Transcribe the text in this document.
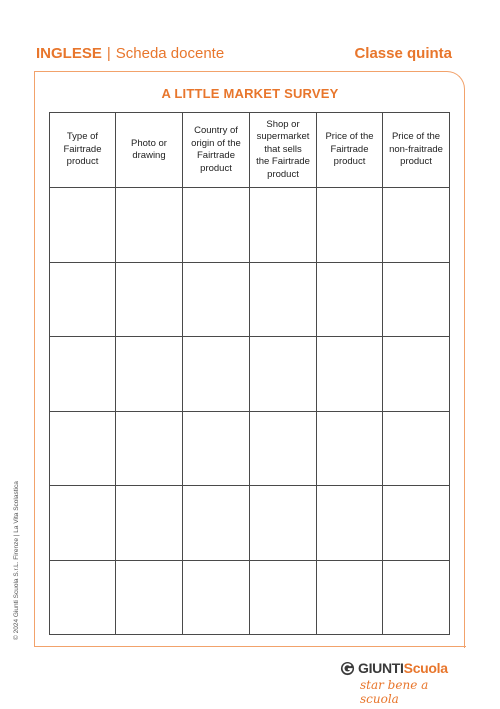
INGLESE | Scheda docente	Classe quinta
A LITTLE MARKET SURVEY
Type of
Fairtrade
product	Photo or
drawing	Country of
origin of the
Fairtrade
product	Shop or
supermarket
that sells
the Fairtrade
product	Price of the
Fairtrade
product	Price of the
non-fraitrade
product

© 2024 Giunti Scuola S.r.L. Firenze | La Vita Scolastica
GIUNTIScuola
star bene a scuola
